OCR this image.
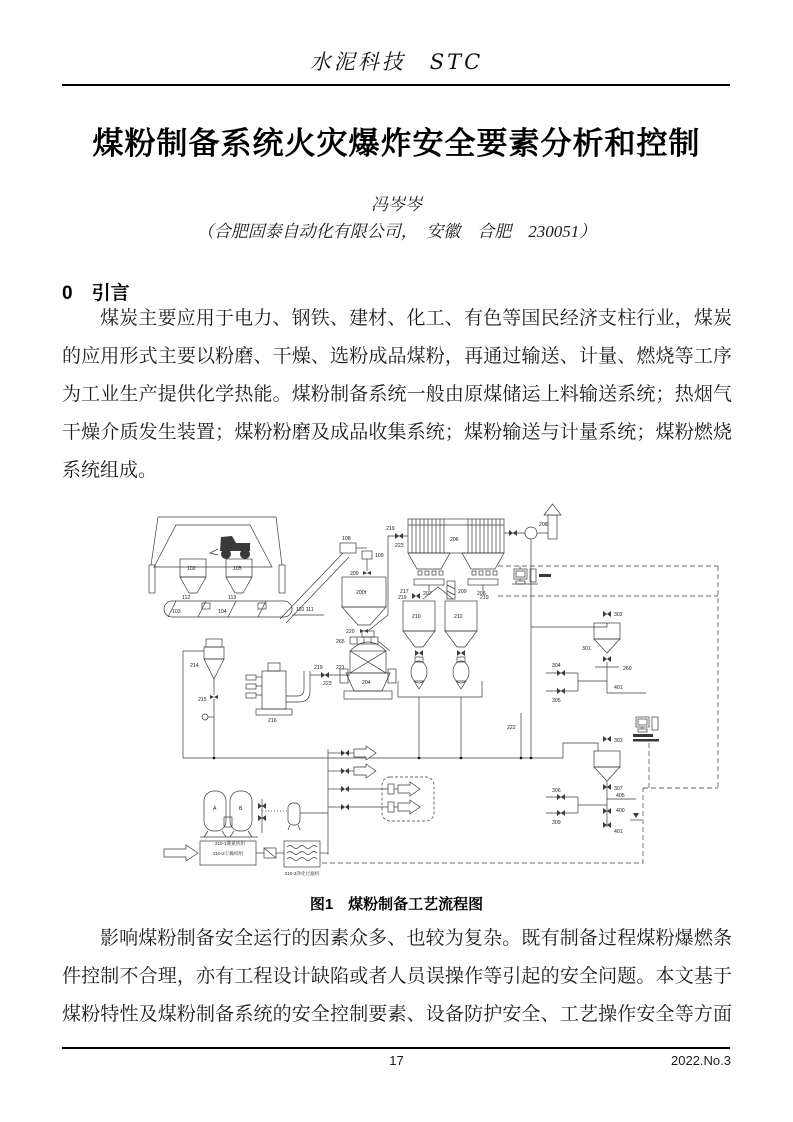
水泥科技　STC
煤粉制备系统火灾爆炸安全要素分析和控制
冯岑岑
（合肥固泰自动化有限公司，　安徽　合肥　230051）
0　引言
煤炭主要应用于电力、钢铁、建材、化工、有色等国民经济支柱行业，煤炭的应用形式主要以粉磨、干燥、选粉成品煤粉，再通过输送、计量、燃烧等工序为工业生产提供化学热能。煤粉制备系统一般由原煤储运上料输送系统；热烟气干燥介质发生装置；煤粉粉磨及成品收集系统；煤粉输送与计量系统；煤粉燃烧系统组成。
102	105
112	113
103	104	110 111
108
109
209
200t
220
265
204
219
223
221
216
214
215
206
207	208
219
223
208
209
217
219	219
210	212
222
302
301
260
304
305
401
303
307
405
306
309
400
401
A	B
210-1制氮机组
210-2干燥机组
210-3净化过滤机
图1　煤粉制备工艺流程图
影响煤粉制备安全运行的因素众多、也较为复杂。既有制备过程煤粉爆燃条件控制不合理，亦有工程设计缺陷或者人员误操作等引起的安全问题。本文基于煤粉特性及煤粉制备系统的安全控制要素、设备防护安全、工艺操作安全等方面
17	2022.No.3
